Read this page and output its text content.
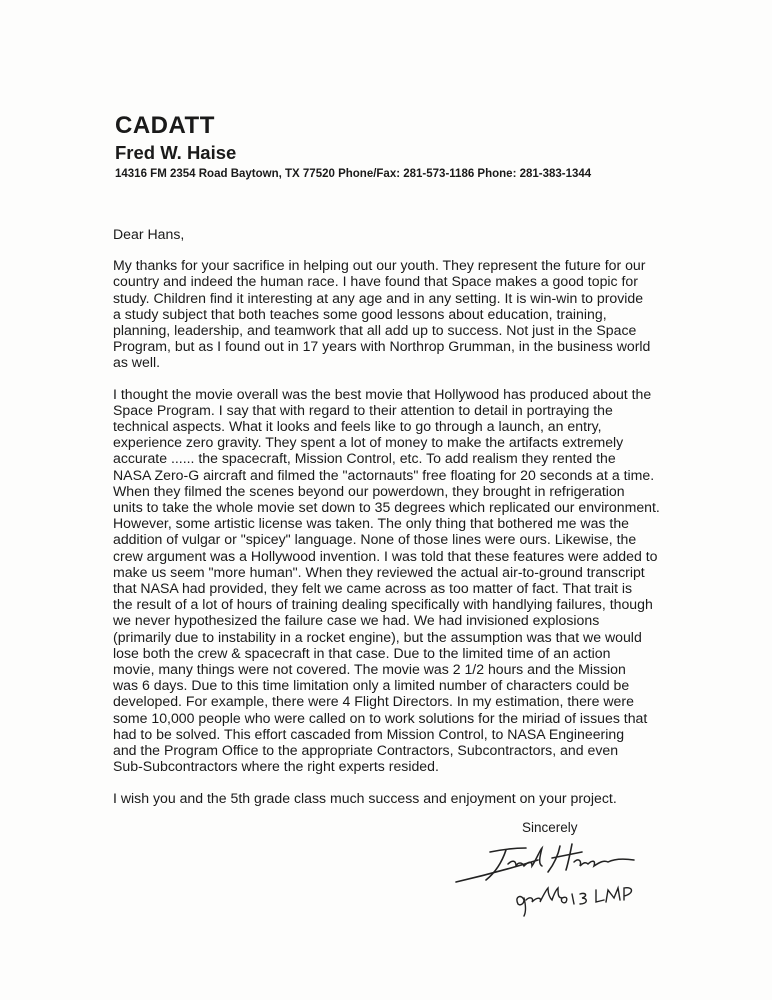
CADATT
Fred W. Haise
14316 FM 2354 Road Baytown, TX 77520 Phone/Fax: 281-573-1186 Phone: 281-383-1344

Dear Hans,

My thanks for your sacrifice in helping out our youth. They represent the future for our
country and indeed the human race. I have found that Space makes a good topic for
study. Children find it interesting at any age and in any setting. It is win-win to provide
a study subject that both teaches some good lessons about education, training,
planning, leadership, and teamwork that all add up to success. Not just in the Space
Program, but as I found out in 17 years with Northrop Grumman, in the business world
as well.

I thought the movie overall was the best movie that Hollywood has produced about the
Space Program. I say that with regard to their attention to detail in portraying the
technical aspects. What it looks and feels like to go through a launch, an entry,
experience zero gravity. They spent a lot of money to make the artifacts extremely
accurate ...... the spacecraft, Mission Control, etc. To add realism they rented the
NASA Zero-G aircraft and filmed the "actornauts" free floating for 20 seconds at a time.
When they filmed the scenes beyond our powerdown, they brought in refrigeration
units to take the whole movie set down to 35 degrees which replicated our environment.
However, some artistic license was taken. The only thing that bothered me was the
addition of vulgar or "spicey" language. None of those lines were ours. Likewise, the
crew argument was a Hollywood invention. I was told that these features were added to
make us seem "more human". When they reviewed the actual air-to-ground transcript
that NASA had provided, they felt we came across as too matter of fact. That trait is
the result of a lot of hours of training dealing specifically with handlying failures, though
we never hypothesized the failure case we had. We had invisioned explosions
(primarily due to instability in a rocket engine), but the assumption was that we would
lose both the crew & spacecraft in that case. Due to the limited time of an action
movie, many things were not covered. The movie was 2 1/2 hours and the Mission
was 6 days. Due to this time limitation only a limited number of characters could be
developed. For example, there were 4 Flight Directors. In my estimation, there were
some 10,000 people who were called on to work solutions for the miriad of issues that
had to be solved. This effort cascaded from Mission Control, to NASA Engineering
and the Program Office to the appropriate Contractors, Subcontractors, and even
Sub-Subcontractors where the right experts resided.

I wish you and the 5th grade class much success and enjoyment on your project.

Sincerely
